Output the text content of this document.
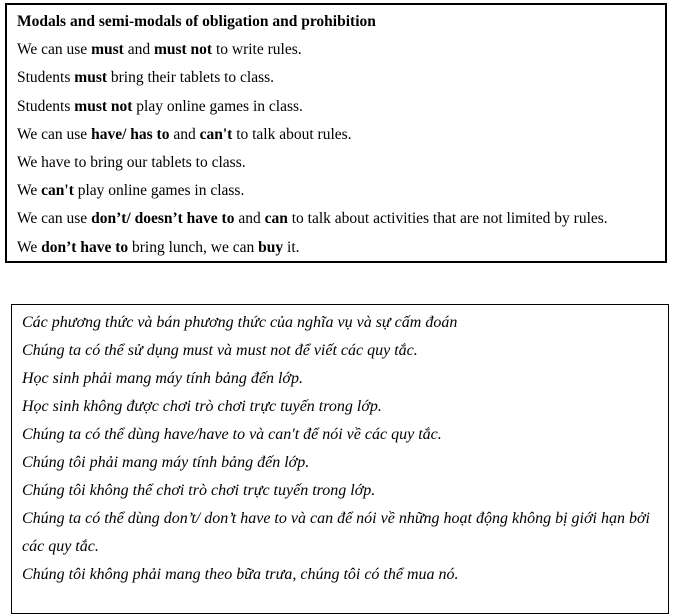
Modals and semi-modals of obligation and prohibition

We can use must and must not to write rules.

Students must bring their tablets to class.

Students must not play online games in class.

We can use have/ has to and can't to talk about rules.

We have to bring our tablets to class.

We can't play online games in class.

We can use don’t/ doesn’t have to and can to talk about activities that are not limited by rules.

We don’t have to bring lunch, we can buy it.

Các phương thức và bán phương thức của nghĩa vụ và sự cấm đoán

Chúng ta có thể sử dụng must và must not để viết các quy tắc.

Học sinh phải mang máy tính bảng đến lớp.

Học sinh không được chơi trò chơi trực tuyến trong lớp.

Chúng ta có thể dùng have/have to và can't để nói về các quy tắc.

Chúng tôi phải mang máy tính bảng đến lớp.

Chúng tôi không thể chơi trò chơi trực tuyến trong lớp.

Chúng ta có thể dùng don’t/ don’t have to và can để nói về những hoạt động không bị giới hạn bởi các quy tắc.

Chúng tôi không phải mang theo bữa trưa, chúng tôi có thể mua nó.
